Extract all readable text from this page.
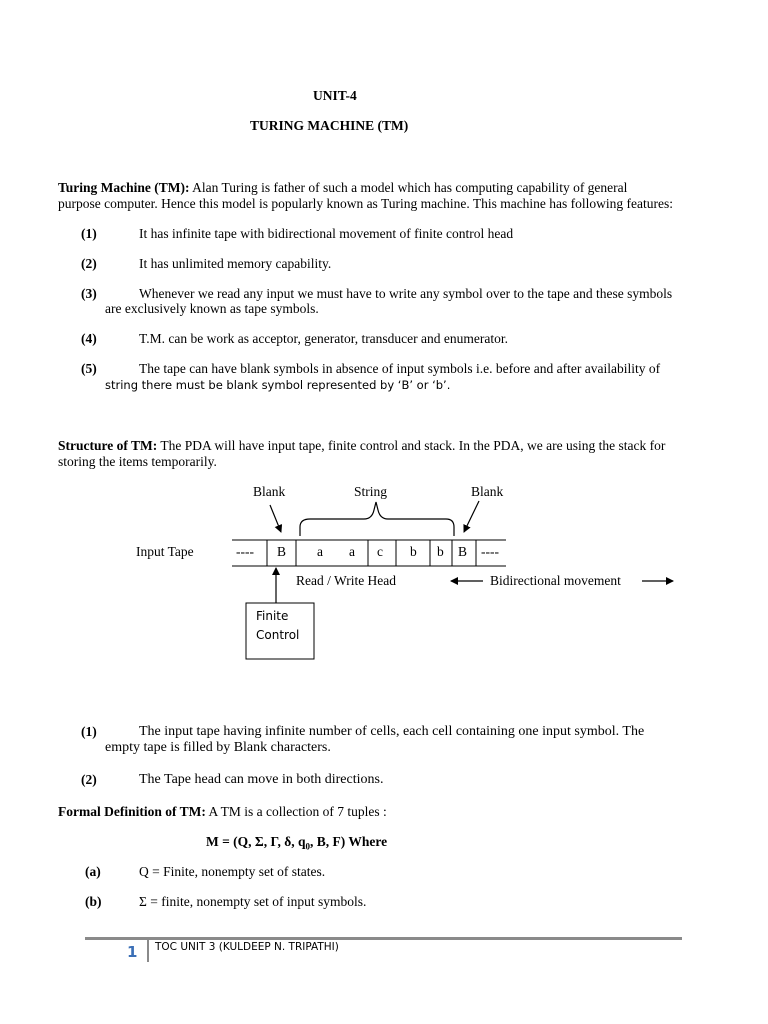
UNIT-4
TURING MACHINE (TM)
Turing Machine (TM): Alan Turing is father of such a model which has computing capability of general
purpose computer. Hence this model is popularly known as Turing machine. This machine has following features:
(1)	It has infinite tape with bidirectional movement of finite control head
(2)	It has unlimited memory capability.
(3)	Whenever we read any input we must have to write any symbol over to the tape and these symbols
are exclusively known as tape symbols.
(4)	T.M. can be work as acceptor, generator, transducer and enumerator.
(5)	The tape can have blank symbols in absence of input symbols i.e. before and after availability of
string there must be blank symbol represented by ‘B’ or ‘b’.
Structure of TM: The PDA will have input tape, finite control and stack. In the PDA, we are using the stack for
storing the items temporarily.
Blank	String	Blank
Input Tape	---- B a a c b b B ----
Read / Write Head	Bidirectional movement
Finite
Control
(1)	The input tape having infinite number of cells, each cell containing one input symbol. The
empty tape is filled by Blank characters.
(2)	The Tape head can move in both directions.
Formal Definition of TM: A TM is a collection of 7 tuples :
M = (Q, Σ, Γ, δ, $q_0$, B, F) Where
(a)	Q = Finite, nonempty set of states.
(b)	Σ = finite, nonempty set of input symbols.
1 TOC UNIT 3 (KULDEEP N. TRIPATHI)
